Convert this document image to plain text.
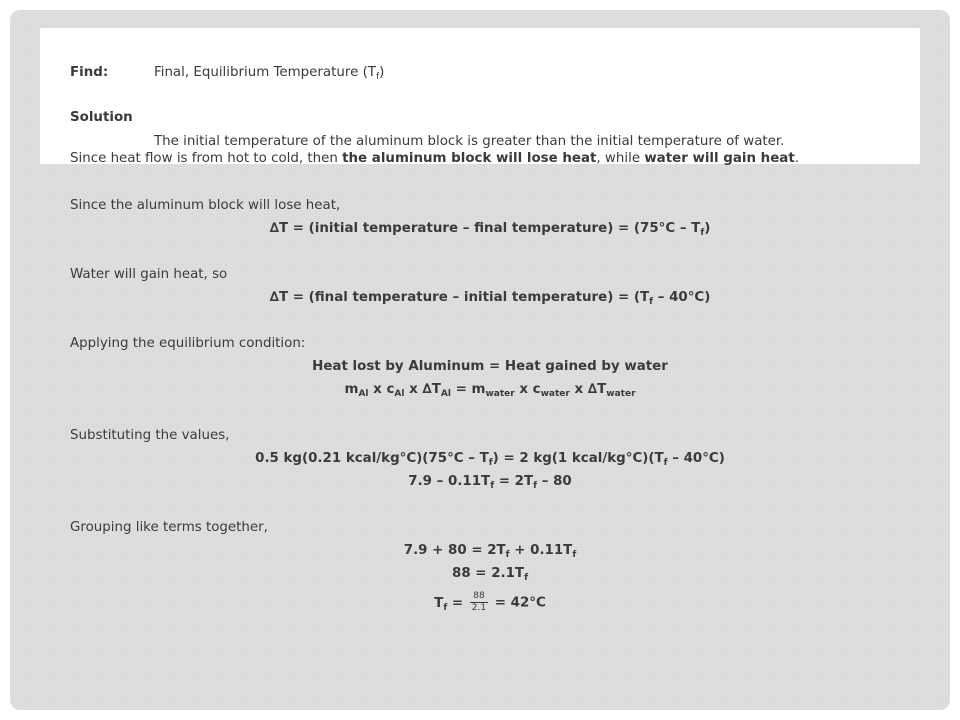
Find:	Final, Equilibrium Temperature $(T_f)$
Solution
The initial temperature of the aluminum block is greater than the initial temperature of water.
Since heat flow is from hot to cold, then the aluminum block will lose heat, while water will gain heat.
Since the aluminum block will lose heat,
∆T = (initial temperature – final temperature) = $(75^\circ C - T_f)$
Water will gain heat, so
∆T = (final temperature – initial temperature) = $(T_f - 40^\circ C)$
Applying the equilibrium condition:
Heat lost by Aluminum = Heat gained by water
$m_{Al}$ x $c_{Al}$ x $\Delta T_{Al} = m_{water}$ x $c_{water}$ x $\Delta T_{water}$
Substituting the values,
0.5 kg(0.21 kcal/kg°C)(75°C – $T_f) = 2$ kg(1 kcal/$kg^\circ C)(T_f - 40^\circ C)$
$7.9 - 0.11T_f = 2T_f - 80$
Grouping like terms together,
$7.9 + 80 = 2T_f + 0.11T_f$
$88 = 2.1T_f$
$T_f = \frac{88}{2.1} = 42^\circ C$
